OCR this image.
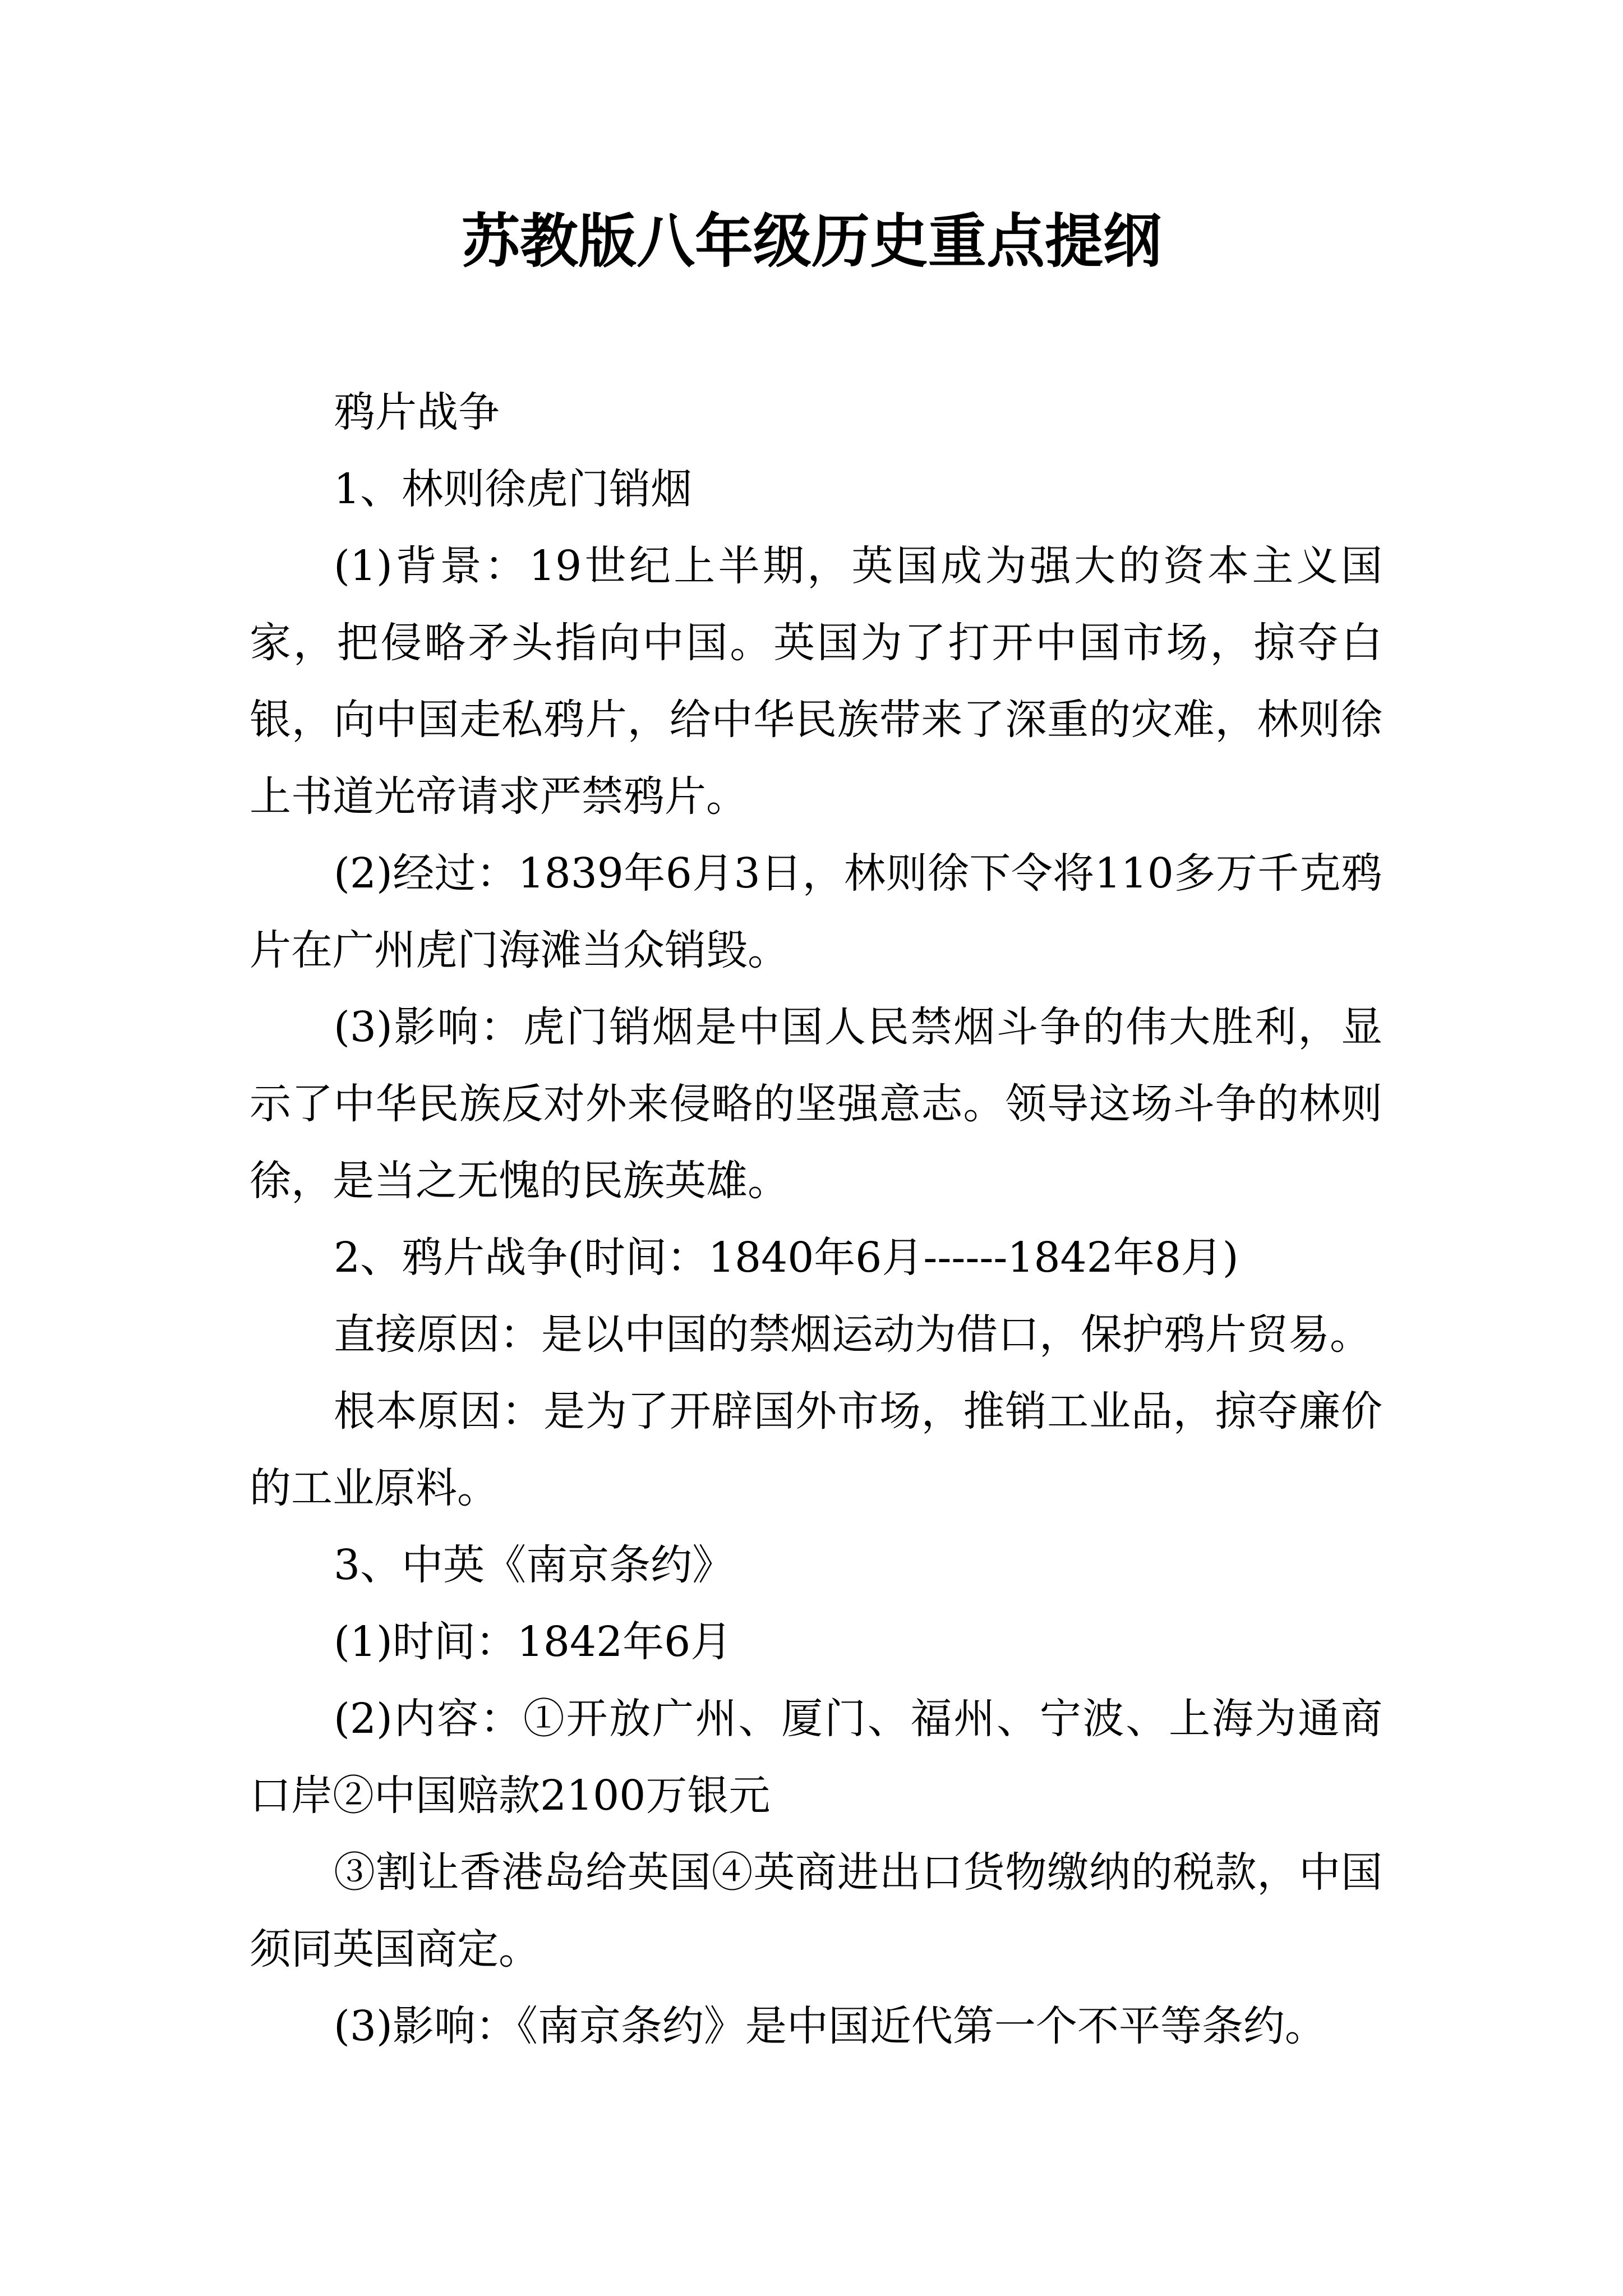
苏教版八年级历史重点提纲

鸦片战争

1、林则徐虎门销烟

(1)背景：19世纪上半期，英国成为强大的资本主义国家，把侵略矛头指向中国。英国为了打开中国市场，掠夺白银，向中国走私鸦片，给中华民族带来了深重的灾难，林则徐上书道光帝请求严禁鸦片。

(2)经过：1839年6月3日，林则徐下令将110多万千克鸦片在广州虎门海滩当众销毁。

(3)影响：虎门销烟是中国人民禁烟斗争的伟大胜利，显示了中华民族反对外来侵略的坚强意志。领导这场斗争的林则徐，是当之无愧的民族英雄。

2、鸦片战争(时间：1840年6月------1842年8月)

直接原因：是以中国的禁烟运动为借口，保护鸦片贸易。

根本原因：是为了开辟国外市场，推销工业品，掠夺廉价的工业原料。

3、中英《南京条约》

(1)时间：1842年6月

(2)内容：①开放广州、厦门、福州、宁波、上海为通商口岸②中国赔款2100万银元

③割让香港岛给英国④英商进出口货物缴纳的税款，中国须同英国商定。

(3)影响：《南京条约》是中国近代第一个不平等条约。
